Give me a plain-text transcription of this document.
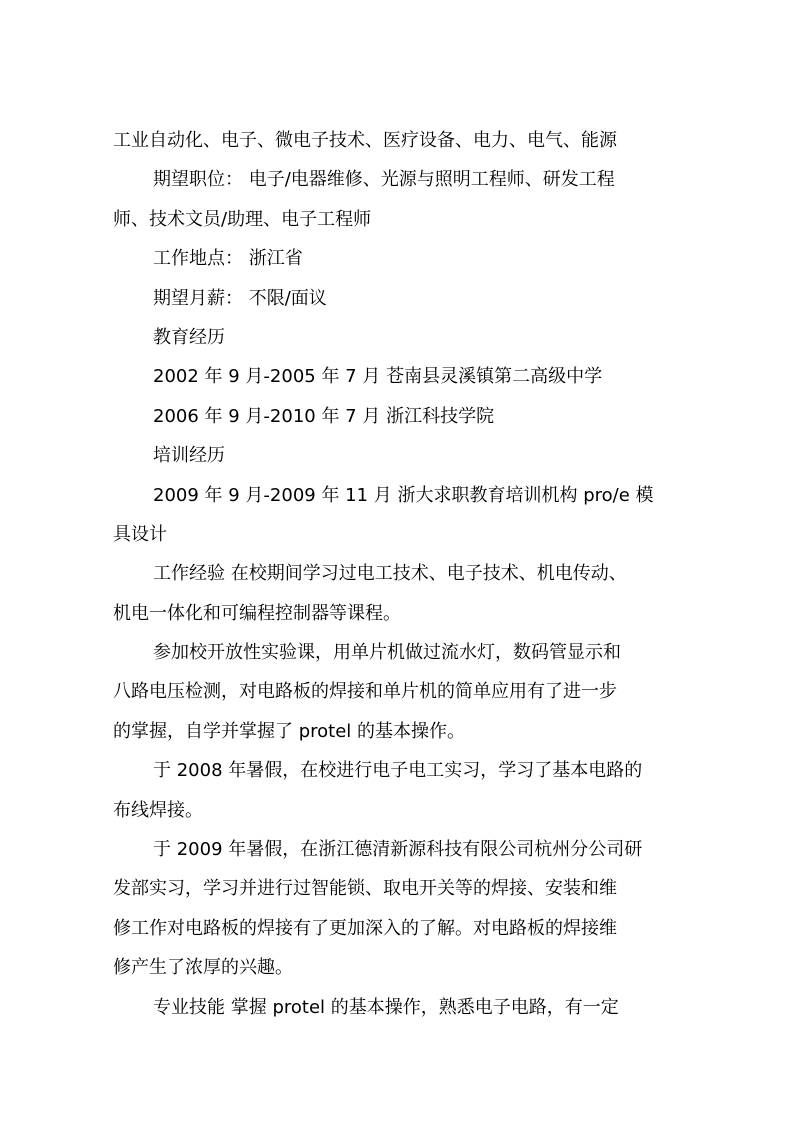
工业自动化、电子、微电子技术、医疗设备、电力、电气、能源
期望职位： 电子/电器维修、光源与照明工程师、研发工程
师、技术文员/助理、电子工程师
工作地点： 浙江省
期望月薪： 不限/面议
教育经历
2002 年 9 月-2005 年 7 月 苍南县灵溪镇第二高级中学
2006 年 9 月-2010 年 7 月 浙江科技学院
培训经历
2009 年 9 月-2009 年 11 月 浙大求职教育培训机构 pro/e 模
具设计
工作经验 在校期间学习过电工技术、电子技术、机电传动、
机电一体化和可编程控制器等课程。
参加校开放性实验课，用单片机做过流水灯，数码管显示和
八路电压检测，对电路板的焊接和单片机的简单应用有了进一步
的掌握，自学并掌握了 protel 的基本操作。
于 2008 年暑假，在校进行电子电工实习，学习了基本电路的
布线焊接。
于 2009 年暑假，在浙江德清新源科技有限公司杭州分公司研
发部实习，学习并进行过智能锁、取电开关等的焊接、安装和维
修工作对电路板的焊接有了更加深入的了解。对电路板的焊接维
修产生了浓厚的兴趣。
专业技能 掌握 protel 的基本操作，熟悉电子电路，有一定
